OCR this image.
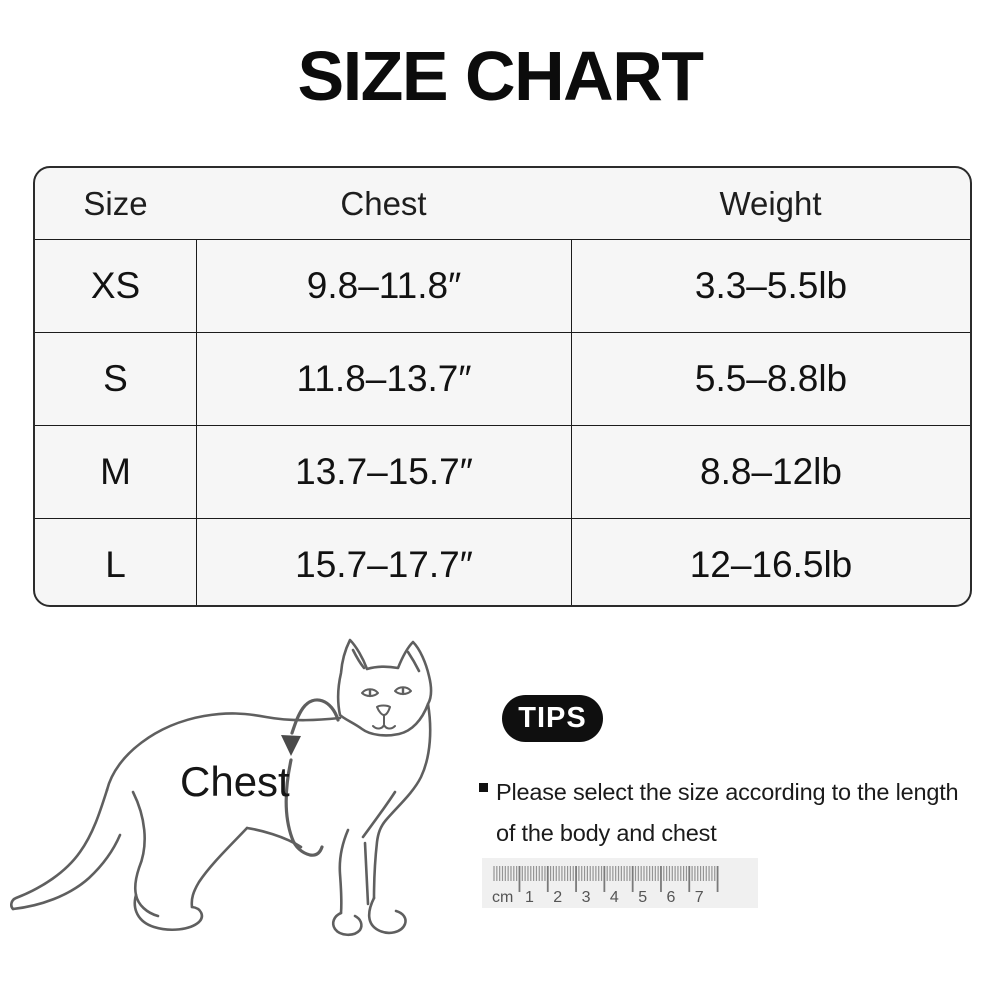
SIZE CHART
Size	Chest	Weight
XS	9.8–11.8″	3.3–5.5lb
S	11.8–13.7″	5.5–8.8lb
M	13.7–15.7″	8.8–12lb
L	15.7–17.7″	12–16.5lb
Chest
TIPS
Please select the size according to the length
of the body and chest
cm 1 2 3 4 5 6 7
